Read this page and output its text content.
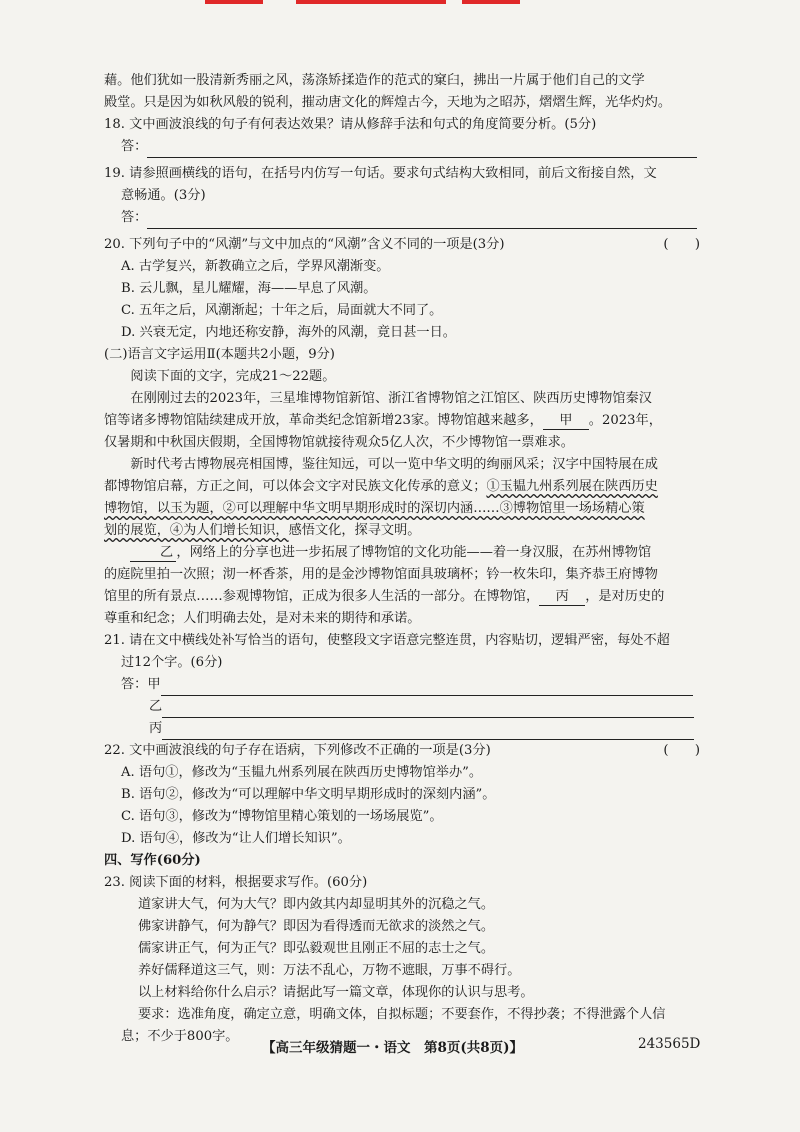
藉。他们犹如一股清新秀丽之风，荡涤矫揉造作的范式的窠臼，拂出一片属于他们自己的文学
殿堂。只是因为如秋风般的锐利，摧动唐文化的辉煌古今，天地为之昭苏，熠熠生辉，光华灼灼。
18. 文中画波浪线的句子有何表达效果？请从修辞手法和句式的角度简要分析。(5分)
答：
19. 请参照画横线的语句，在括号内仿写一句话。要求句式结构大致相同，前后文衔接自然，文
意畅通。(3分)
答：
20. 下列句子中的“风潮”与文中加点的“风潮”含义不同的一项是(3分)	(　　)
A. 古学复兴，新教确立之后，学界风潮渐变。
B. 云儿飘，星儿耀耀，海——早息了风潮。
C. 五年之后，风潮渐起；十年之后，局面就大不同了。
D. 兴衰无定，内地还称安静，海外的风潮，竟日甚一日。
(二)语言文字运用Ⅱ(本题共2小题，9分)
阅读下面的文字，完成21～22题。
在刚刚过去的2023年，三星堆博物馆新馆、浙江省博物馆之江馆区、陕西历史博物馆秦汉
馆等诸多博物馆陆续建成开放，革命类纪念馆新增23家。博物馆越来越多， 甲 。2023年，
仅暑期和中秋国庆假期，全国博物馆就接待观众5亿人次，不少博物馆一票难求。
新时代考古博物展亮相国博，鉴往知远，可以一览中华文明的绚丽风采；汉字中国特展在成
都博物馆启幕，方正之间，可以体会文字对民族文化传承的意义；①玉韫九州系列展在陕西历史
博物馆，以玉为题，②可以理解中华文明早期形成时的深切内涵……③博物馆里一场场精心策
划的展览，④为人们增长知识，感悟文化，探寻文明。
乙 ，网络上的分享也进一步拓展了博物馆的文化功能——着一身汉服，在苏州博物馆
的庭院里拍一次照；沏一杯香茶，用的是金沙博物馆面具玻璃杯；钤一枚朱印，集齐恭王府博物
馆里的所有景点……参观博物馆，正成为很多人生活的一部分。在博物馆， 丙 ，是对历史的
尊重和纪念；人们明确去处，是对未来的期待和承诺。
21. 请在文中横线处补写恰当的语句，使整段文字语意完整连贯，内容贴切，逻辑严密，每处不超
过12个字。(6分)
答：甲
乙
丙
22. 文中画波浪线的句子存在语病，下列修改不正确的一项是(3分)	(　　)
A. 语句①，修改为“玉韫九州系列展在陕西历史博物馆举办”。
B. 语句②，修改为“可以理解中华文明早期形成时的深刻内涵”。
C. 语句③，修改为“博物馆里精心策划的一场场展览”。
D. 语句④，修改为“让人们增长知识”。
四、写作(60分)
23. 阅读下面的材料，根据要求写作。(60分)
道家讲大气，何为大气？即内敛其内却显明其外的沉稳之气。
佛家讲静气，何为静气？即因为看得透而无欲求的淡然之气。
儒家讲正气，何为正气？即弘毅观世且刚正不屈的志士之气。
养好儒释道这三气，则：万法不乱心，万物不遮眼，万事不碍行。
以上材料给你什么启示？请据此写一篇文章，体现你的认识与思考。
要求：选准角度，确定立意，明确文体，自拟标题；不要套作，不得抄袭；不得泄露个人信
息；不少于800字。
【高三年级猜题一・语文　第8页(共8页)】	243565D
